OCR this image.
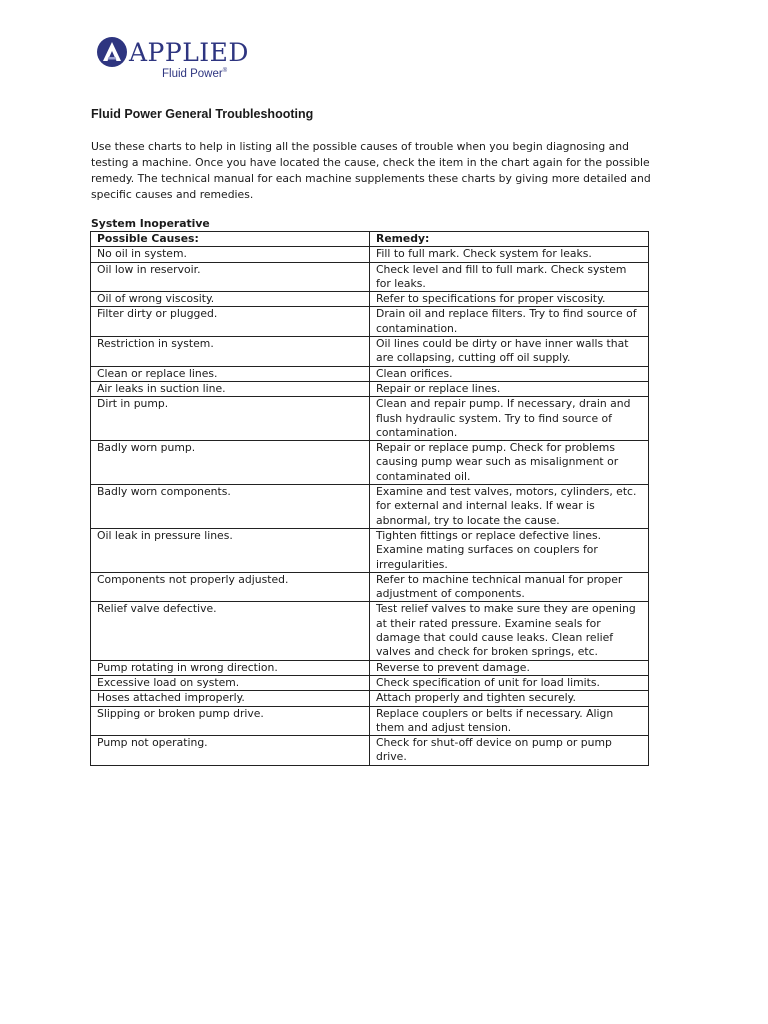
APPLIED
Fluid Power®
Fluid Power General Troubleshooting
Use these charts to help in listing all the possible causes of trouble when you begin diagnosing and
testing a machine. Once you have located the cause, check the item in the chart again for the possible
remedy. The technical manual for each machine supplements these charts by giving more detailed and
specific causes and remedies.
System Inoperative
Possible Causes:	Remedy:
No oil in system.	Fill to full mark. Check system for leaks.
Oil low in reservoir.	Check level and fill to full mark. Check system for leaks.
Oil of wrong viscosity.	Refer to specifications for proper viscosity.
Filter dirty or plugged.	Drain oil and replace filters. Try to find source of contamination.
Restriction in system.	Oil lines could be dirty or have inner walls that are collapsing, cutting off oil supply.
Clean or replace lines.	Clean orifices.
Air leaks in suction line.	Repair or replace lines.
Dirt in pump.	Clean and repair pump. If necessary, drain and flush hydraulic system. Try to find source of contamination.
Badly worn pump.	Repair or replace pump. Check for problems causing pump wear such as misalignment or contaminated oil.
Badly worn components.	Examine and test valves, motors, cylinders, etc. for external and internal leaks. If wear is abnormal, try to locate the cause.
Oil leak in pressure lines.	Tighten fittings or replace defective lines. Examine mating surfaces on couplers for irregularities.
Components not properly adjusted.	Refer to machine technical manual for proper adjustment of components.
Relief valve defective.	Test relief valves to make sure they are opening at their rated pressure. Examine seals for damage that could cause leaks. Clean relief valves and check for broken springs, etc.
Pump rotating in wrong direction.	Reverse to prevent damage.
Excessive load on system.	Check specification of unit for load limits.
Hoses attached improperly.	Attach properly and tighten securely.
Slipping or broken pump drive.	Replace couplers or belts if necessary. Align them and adjust tension.
Pump not operating.	Check for shut-off device on pump or pump drive.
